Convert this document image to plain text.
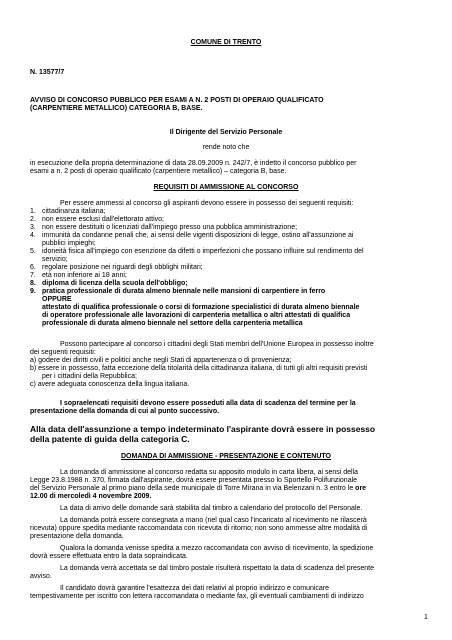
COMUNE DI TRENTO
N. 13577/7
AVVISO DI CONCORSO PUBBLICO PER ESAMI A N. 2 POSTI DI OPERAIO QUALIFICATO
(CARPENTIERE METALLICO) CATEGORIA B, BASE.
Il Dirigente del Servizio Personale
rende noto che
in esecuzione della propria determinazione di data 28.09.2009 n. 242/7, è indetto il concorso pubblico per
esami a n. 2 posti di operaio qualificato (carpentiere metallico) – categoria B, base.
REQUISITI DI AMMISSIONE AL CONCORSO
Per essere ammessi al concorso gli aspiranti devono essere in possesso dei seguenti requisiti:
1. cittadinanza italiana;
2. non essere esclusi dall'elettorato attivo;
3. non essere destituiti o licenziati dall'impiego presso una pubblica amministrazione;
4. immunità da condanne penali che, ai sensi delle vigenti disposizioni di legge, ostino all'assunzione ai
pubblici impieghi;
5. idoneità fisica all'impiego con esenzione da difetti o imperfezioni che possano influire sul rendimento del
servizio;
6. regolare posizione nei riguardi degli obblighi militari;
7. età non inferiore ai 18 anni;
8. diploma di licenza della scuola dell'obbligo;
9. pratica professionale di durata almeno biennale nelle mansioni di carpentiere in ferro
OPPURE
attestato di qualifica professionale o corsi di formazione specialistici di durata almeno biennale
di operatore professionale alle lavorazioni di carpenteria metallica o altri attestati di qualifica
professionale di durata almeno biennale nel settore della carpenteria metallica
Possono partecipare al concorso i cittadini degli Stati membri dell'Unione Europea in possesso inoltre
dei seguenti requisiti:
a) godere dei diritti civili e politici anche negli Stati di appartenenza o di provenienza;
b) essere in possesso, fatta eccezione della titolarità della cittadinanza italiana, di tutti gli altri requisiti previsti
per i cittadini della Repubblica;
c) avere adeguata conoscenza della lingua italiana.
I sopraelencati requisiti devono essere posseduti alla data di scadenza del termine per la
presentazione della domanda di cui al punto successivo.
Alla data dell'assunzione a tempo indeterminato l'aspirante dovrà essere in possesso
della patente di guida della categoria C.
DOMANDA DI AMMISSIONE - PRESENTAZIONE E CONTENUTO
La domanda di ammissione al concorso redatta su apposito modulo in carta libera, ai sensi della
Legge 23.8.1988 n. 370, firmata dall'aspirante, dovrà essere presentata presso lo Sportello Polifunzionale
del Servizio Personale al primo piano della sede municipale di Torre Mirana in via Belenzani n. 3 entro le ore
12.00 di mercoledì 4 novembre 2009.
La data di arrivo delle domande sarà stabilita dal timbro a calendario del protocollo del Personale.
La domanda potrà essere consegnata a mano (nel qual caso l'incaricato al ricevimento ne rilascerà
ricevuta) oppure spedita mediante raccomandata con ricevuta di ritorno; non sono ammesse altre modalità di
presentazione della domanda.
Qualora la domanda venisse spedita a mezzo raccomandata con avviso di ricevimento, la spedizione
dovrà essere effettuata entro la data sopraindicata.
La domanda verrà accettata se dal timbro postale risulterà rispettato la data di scadenza del presente
avviso.
Il candidato dovrà garantire l'esattezza dei dati relativi al proprio indirizzo e comunicare
tempestivamente per iscritto con lettera raccomandata o mediante fax, gli eventuali cambiamenti di indirizzo
1
